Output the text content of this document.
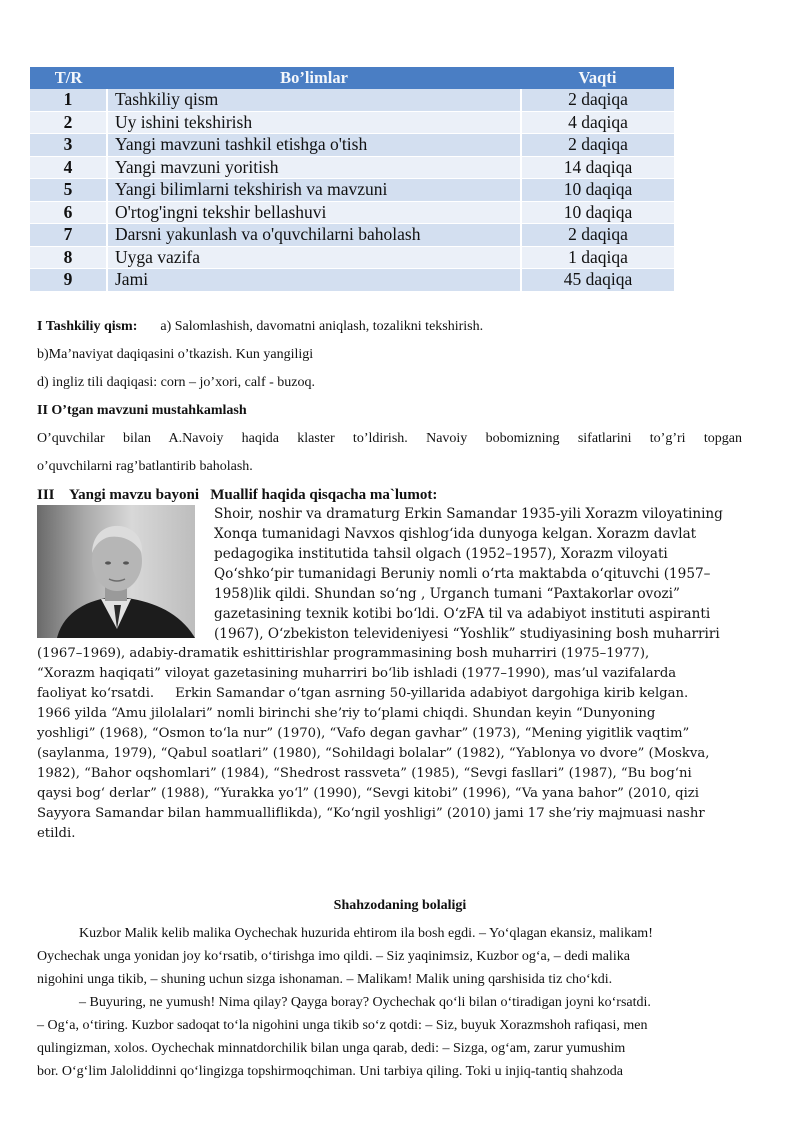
T/R	Bo’limlar	Vaqti
1	Tashkiliy qism	2 daqiqa
2	Uy ishini tekshirish	4 daqiqa
3	Yangi mavzuni tashkil etishga o'tish	2 daqiqa
4	Yangi mavzuni yoritish	14 daqiqa
5	Yangi bilimlarni tekshirish va mavzuni	10 daqiqa
6	O'rtog'ingni tekshir bellashuvi	10 daqiqa
7	Darsni yakunlash va o'quvchilarni baholash	2 daqiqa
8	Uyga vazifa	1 daqiqa
9	Jami	45 daqiqa
I Tashkiliy qism: a) Salomlashish, davomatni aniqlash, tozalikni tekshirish.
b)Ma’naviyat daqiqasini o’tkazish. Kun yangiligi
d) ingliz tili daqiqasi: corn – jo’xori, calf - buzoq.
II O’tgan mavzuni mustahkamlash
O’quvchilar bilan A.Navoiy haqida klaster to’ldirish. Navoiy bobomizning sifatlarini to’g’ri topgan
o’quvchilarni rag’batlantirib baholash.
III    Yangi mavzu bayoni   Muallif haqida qisqacha ma`lumot:
Shoir, noshir va dramaturg Erkin Samandar 1935-yili Xorazm viloyatining
Xonqa tumanidagi Navxos qishlogʻida dunyoga kelgan. Xorazm davlat
pedagogika institutida tahsil olgach (1952–1957), Xorazm viloyati
Qoʻshkoʻpir tumanidagi Beruniy nomli oʻrta maktabda oʻqituvchi (1957–
1958)lik qildi. Shundan soʻng , Urganch tumani “Paxtakorlar ovozi”
gazetasining texnik kotibi boʻldi. OʻzFA til va adabiyot instituti aspiranti
(1967), Oʻzbekiston televideniyesi “Yoshlik” studiyasining bosh muharriri
(1967–1969), adabiy-dramatik eshittirishlar programmasining bosh muharriri (1975–1977),
“Xorazm haqiqati” viloyat gazetasining muharriri boʻlib ishladi (1977–1990), masʼul vazifalarda
faoliyat koʻrsatdi.     Erkin Samandar oʻtgan asrning 50-yillarida adabiyot dargohiga kirib kelgan.
1966 yilda “Amu jilolalari” nomli birinchi sheʼriy toʻplami chiqdi. Shundan keyin “Dunyoning
yoshligi” (1968), “Osmon toʻla nur” (1970), “Vafo degan gavhar” (1973), “Mening yigitlik vaqtim”
(saylanma, 1979), “Qabul soatlari” (1980), “Sohildagi bolalar” (1982), “Yablonya vo dvore” (Moskva,
1982), “Bahor oqshomlari” (1984), “Shedrost rassveta” (1985), “Sevgi fasllari” (1987), “Bu bogʻni
qaysi bogʻ derlar” (1988), “Yurakka yoʻl” (1990), “Sevgi kitobi” (1996), “Va yana bahor” (2010, qizi
Sayyora Samandar bilan hammualliflikda), “Koʻngil yoshligi” (2010) jami 17 sheʼriy majmuasi nashr
etildi.
Shahzodaning bolaligi
Kuzbor Malik kelib malika Oychechak huzurida ehtirom ila bosh egdi. – Yoʻqlagan ekansiz, malikam!
Oychechak unga yonidan joy koʻrsatib, oʻtirishga imo qildi. – Siz yaqinimsiz, Kuzbor ogʻa, – dedi malika
nigohini unga tikib, – shuning uchun sizga ishonaman. – Malikam! Malik uning qarshisida tiz choʻkdi.
– Buyuring, ne yumush! Nima qilay? Qayga boray? Oychechak qoʻli bilan oʻtiradigan joyni koʻrsatdi.
– Ogʻa, oʻtiring. Kuzbor sadoqat toʻla nigohini unga tikib soʻz qotdi: – Siz, buyuk Xorazmshoh rafiqasi, men
qulingizman, xolos. Oychechak minnatdorchilik bilan unga qarab, dedi: – Sizga, ogʻam, zarur yumushim
bor. Oʻgʻlim Jaloliddinni qoʻlingizga topshirmoqchiman. Uni tarbiya qiling. Toki u injiq-tantiq shahzoda
